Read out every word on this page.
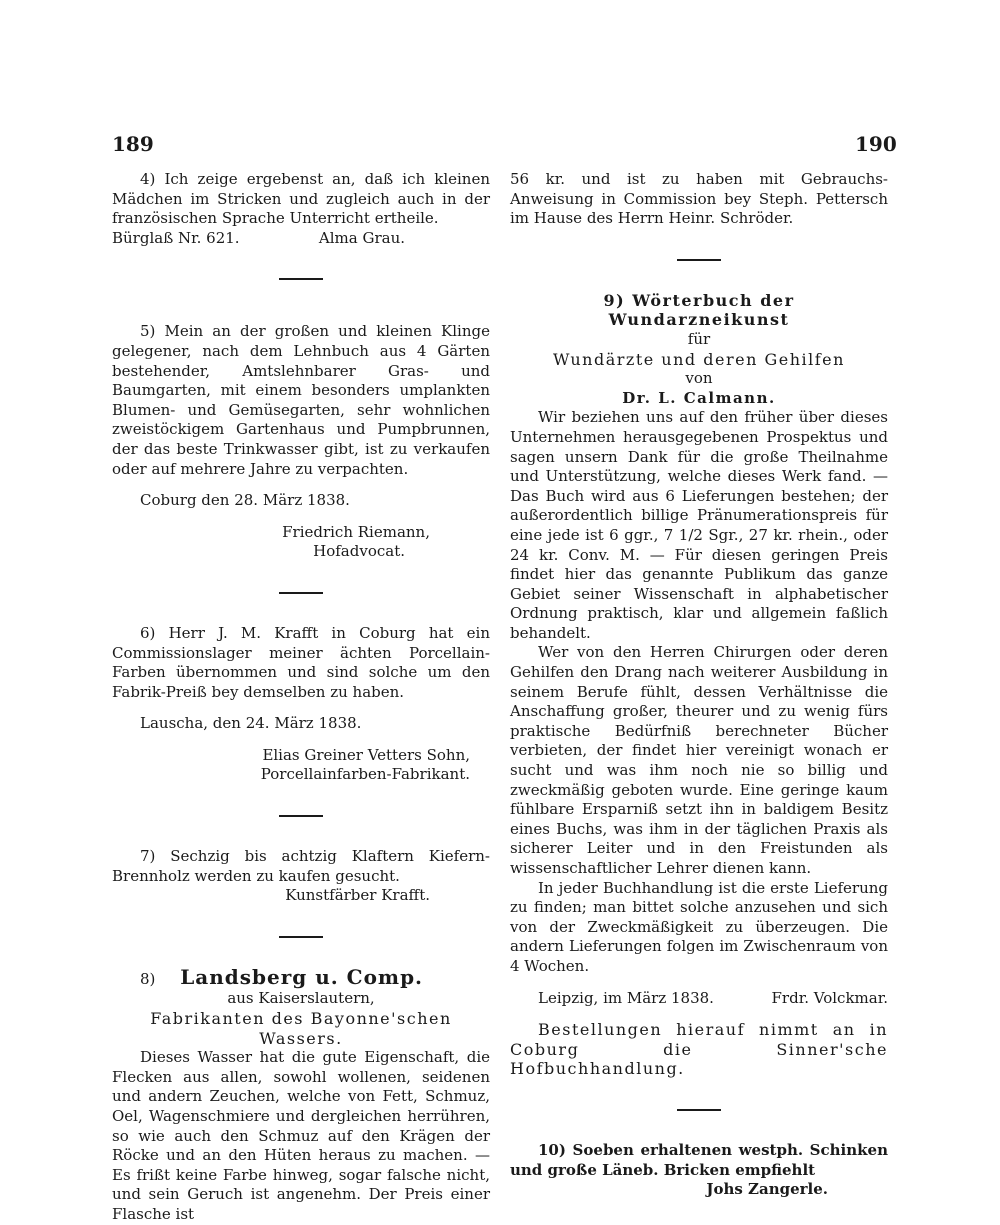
189	190

4) Ich zeige ergebenst an, daß ich kleinen Mädchen im Stricken und zugleich auch in der französischen Sprache Unterricht ertheile.

Bürglaß Nr. 621.	Alma Grau.

5) Mein an der großen und kleinen Klinge gelegener, nach dem Lehnbuch aus 4 Gärten bestehender, Amtslehnbarer Gras- und Baumgarten, mit einem besonders umplankten Blumen- und Gemüsegarten, sehr wohnlichen zweistöckigem Gartenhaus und Pumpbrunnen, der das beste Trinkwasser gibt, ist zu verkaufen oder auf mehrere Jahre zu verpachten.

Coburg den 28. März 1838.

Friedrich Riemann,

Hofadvocat.

6) Herr J. M. Krafft in Coburg hat ein Commissionslager meiner ächten Porcellain-Farben übernommen und sind solche um den Fabrik-Preiß bey demselben zu haben.

Lauscha, den 24. März 1838.

Elias Greiner Vetters Sohn,

Porcellainfarben-Fabrikant.

7) Sechzig bis achtzig Klaftern Kiefern-Brennholz werden zu kaufen gesucht.

Kunstfärber Krafft.

8) Landsberg u. Comp.

aus Kaiserslautern,

Fabrikanten des Bayonne'schen Wassers.

Dieses Wasser hat die gute Eigenschaft, die Flecken aus allen, sowohl wollenen, seidenen und andern Zeuchen, welche von Fett, Schmuz, Oel, Wagenschmiere und dergleichen herrühren, so wie auch den Schmuz auf den Krägen der Röcke und an den Hüten heraus zu machen. — Es frißt keine Farbe hinweg, sogar falsche nicht, und sein Geruch ist angenehm. Der Preis einer Flasche ist

56 kr. und ist zu haben mit Gebrauchs-Anweisung in Commission bey Steph. Pettersch im Hause des Herrn Heinr. Schröder.

9) Wörterbuch der Wundarzneikunst

für

Wundärzte und deren Gehilfen

von

Dr. L. Calmann.

Wir beziehen uns auf den früher über dieses Unternehmen herausgegebenen Prospektus und sagen unsern Dank für die große Theilnahme und Unterstützung, welche dieses Werk fand. — Das Buch wird aus 6 Lieferungen bestehen; der außerordentlich billige Pränumerationspreis für eine jede ist 6 ggr., 7 1/2 Sgr., 27 kr. rhein., oder 24 kr. Conv. M. — Für diesen geringen Preis findet hier das genannte Publikum das ganze Gebiet seiner Wissenschaft in alphabetischer Ordnung praktisch, klar und allgemein faßlich behandelt.

Wer von den Herren Chirurgen oder deren Gehilfen den Drang nach weiterer Ausbildung in seinem Berufe fühlt, dessen Verhältnisse die Anschaffung großer, theurer und zu wenig fürs praktische Bedürfniß berechneter Bücher verbieten, der findet hier vereinigt wonach er sucht und was ihm noch nie so billig und zweckmäßig geboten wurde. Eine geringe kaum fühlbare Ersparniß setzt ihn in baldigem Besitz eines Buchs, was ihm in der täglichen Praxis als sicherer Leiter und in den Freistunden als wissenschaftlicher Lehrer dienen kann.

In jeder Buchhandlung ist die erste Lieferung zu finden; man bittet solche anzusehen und sich von der Zweckmäßigkeit zu überzeugen. Die andern Lieferungen folgen im Zwischenraum von 4 Wochen.

Leipzig, im März 1838.	Frdr. Volckmar.

Bestellungen hierauf nimmt an in Coburg die Sinner'sche Hofbuchhandlung.

10) Soeben erhaltenen westph. Schinken und große Läneb. Bricken empfiehlt

Johs Zangerle.
